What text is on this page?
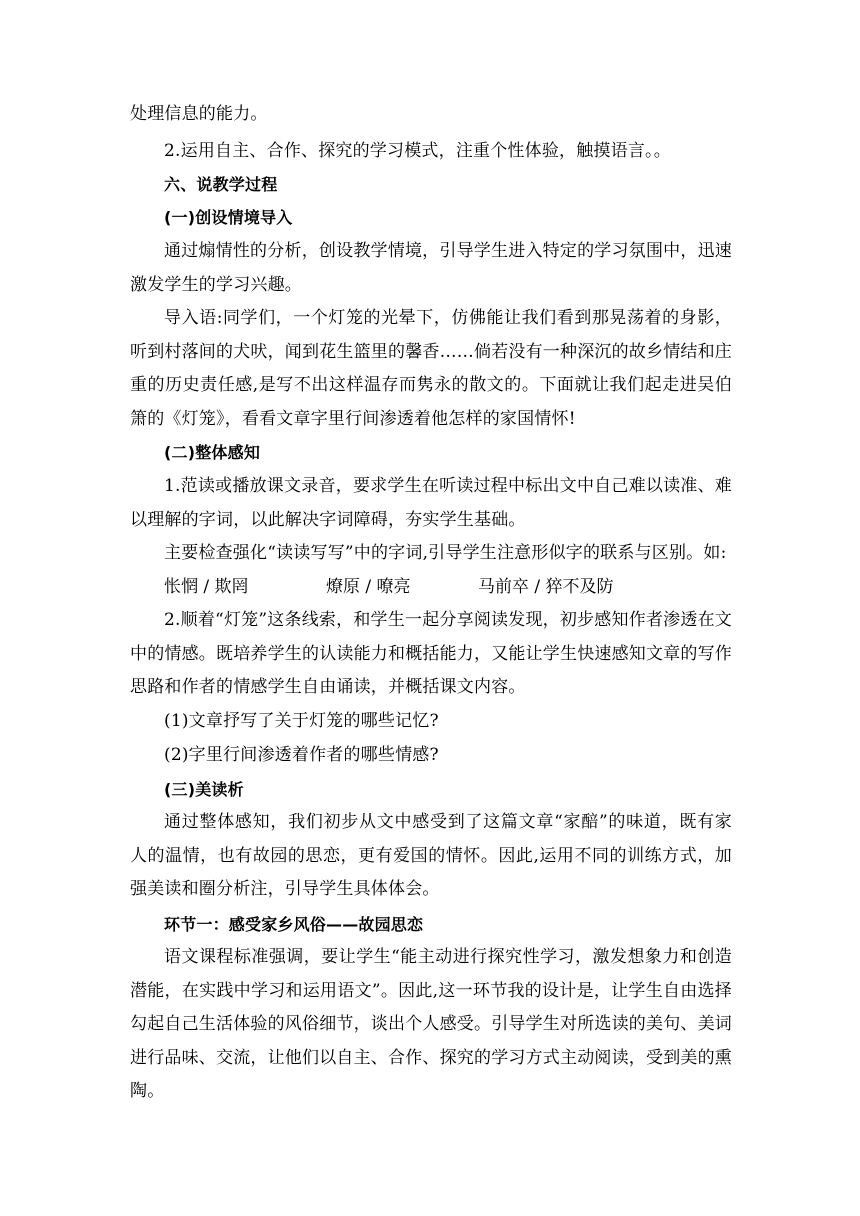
处理信息的能力。

2.运用自主、合作、探究的学习模式，注重个性体验，触摸语言。。

六、说教学过程

(一)创设情境导入

通过煽情性的分析，创设教学情境，引导学生进入特定的学习氛围中，迅速激发学生的学习兴趣。

导入语:同学们，一个灯笼的光晕下，仿佛能让我们看到那晃荡着的身影，听到村落间的犬吠，闻到花生篮里的馨香……倘若没有一种深沉的故乡情结和庄重的历史责任感,是写不出这样温存而隽永的散文的。下面就让我们起走进吴伯箫的《灯笼》，看看文章字里行间渗透着他怎样的家国情怀!

(二)整体感知

1.范读或播放课文录音，要求学生在听读过程中标出文中自己难以读准、难以理解的字词，以此解决字词障碍，夯实学生基础。

主要检查强化“读读写写”中的字词,引导学生注意形似字的联系与区别。如:

怅惘 / 欺罔	燎原 / 嘹亮	马前卒 / 猝不及防

2.顺着“灯笼”这条线索，和学生一起分享阅读发现，初步感知作者渗透在文中的情感。既培养学生的认读能力和概括能力，又能让学生快速感知文章的写作思路和作者的情感学生自由诵读，并概括课文内容。

(1)文章抒写了关于灯笼的哪些记忆?

(2)字里行间渗透着作者的哪些情感?

(三)美读析

通过整体感知，我们初步从文中感受到了这篇文章“家醅”的味道，既有家人的温情，也有故园的思恋，更有爱国的情怀。因此,运用不同的训练方式，加强美读和圈分析注，引导学生具体体会。

环节一：感受家乡风俗——故园思恋

语文课程标准强调，要让学生“能主动进行探究性学习，激发想象力和创造潜能，在实践中学习和运用语文”。因此,这一环节我的设计是，让学生自由选择勾起自己生活体验的风俗细节，谈出个人感受。引导学生对所选读的美句、美词进行品味、交流，让他们以自主、合作、探究的学习方式主动阅读，受到美的熏陶。
